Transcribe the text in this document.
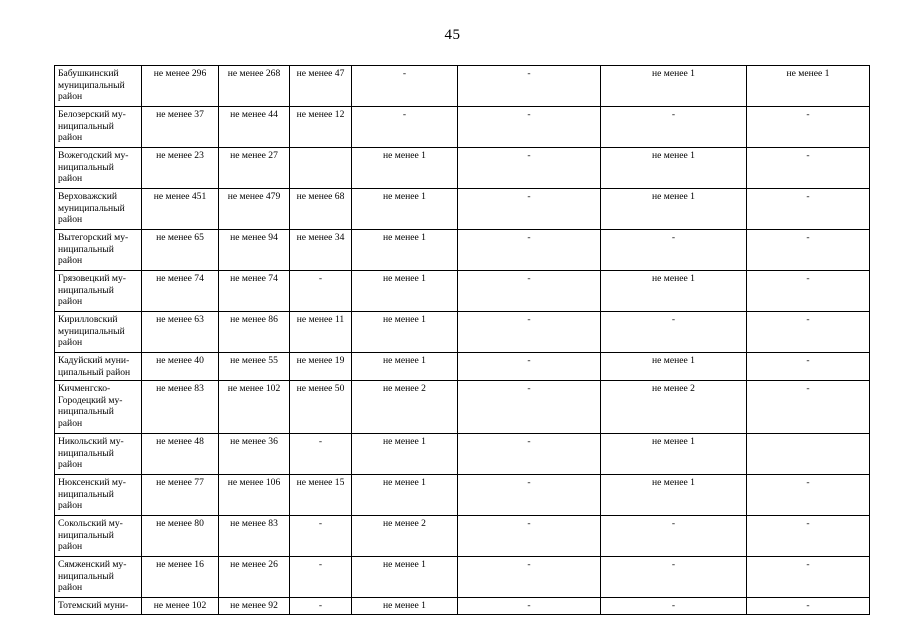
45
Бабушкинский муниципальный район	не менее 296	не менее 268	не менее 47	-	-	не менее 1	не менее 1
Белозерский му-ниципальный район	не менее 37	не менее 44	не менее 12	-	-	-	-
Вожегодский му-ниципальный район	не менее 23	не менее 27		не менее 1	-	не менее 1	-
Верховажский муниципальный район	не менее 451	не менее 479	не менее 68	не менее 1	-	не менее 1	-
Вытегорский му-ниципальный район	не менее 65	не менее 94	не менее 34	не менее 1	-	-	-
Грязовецкий му-ниципальный район	не менее 74	не менее 74	-	не менее 1	-	не менее 1	-
Кирилловский муниципальный район	не менее 63	не менее 86	не менее 11	не менее 1	-	-	-
Кадуйский муни-ципальный район	не менее 40	не менее 55	не менее 19	не менее 1	-	не менее 1	-
Кичменгско-Городецкий му-ниципальный район	не менее 83	не менее 102	не менее 50	не менее 2	-	не менее 2	-
Никольский му-ниципальный район	не менее 48	не менее 36	-	не менее 1	-	не менее 1	
Нюксенский му-ниципальный район	не менее 77	не менее 106	не менее 15	не менее 1	-	не менее 1	-
Сокольский му-ниципальный район	не менее 80	не менее 83	-	не менее 2	-	-	-
Сямженский му-ниципальный район	не менее 16	не менее 26	-	не менее 1	-	-	-
Тотемский муни-	не менее 102	не менее 92	-	не менее 1	-	-	-
